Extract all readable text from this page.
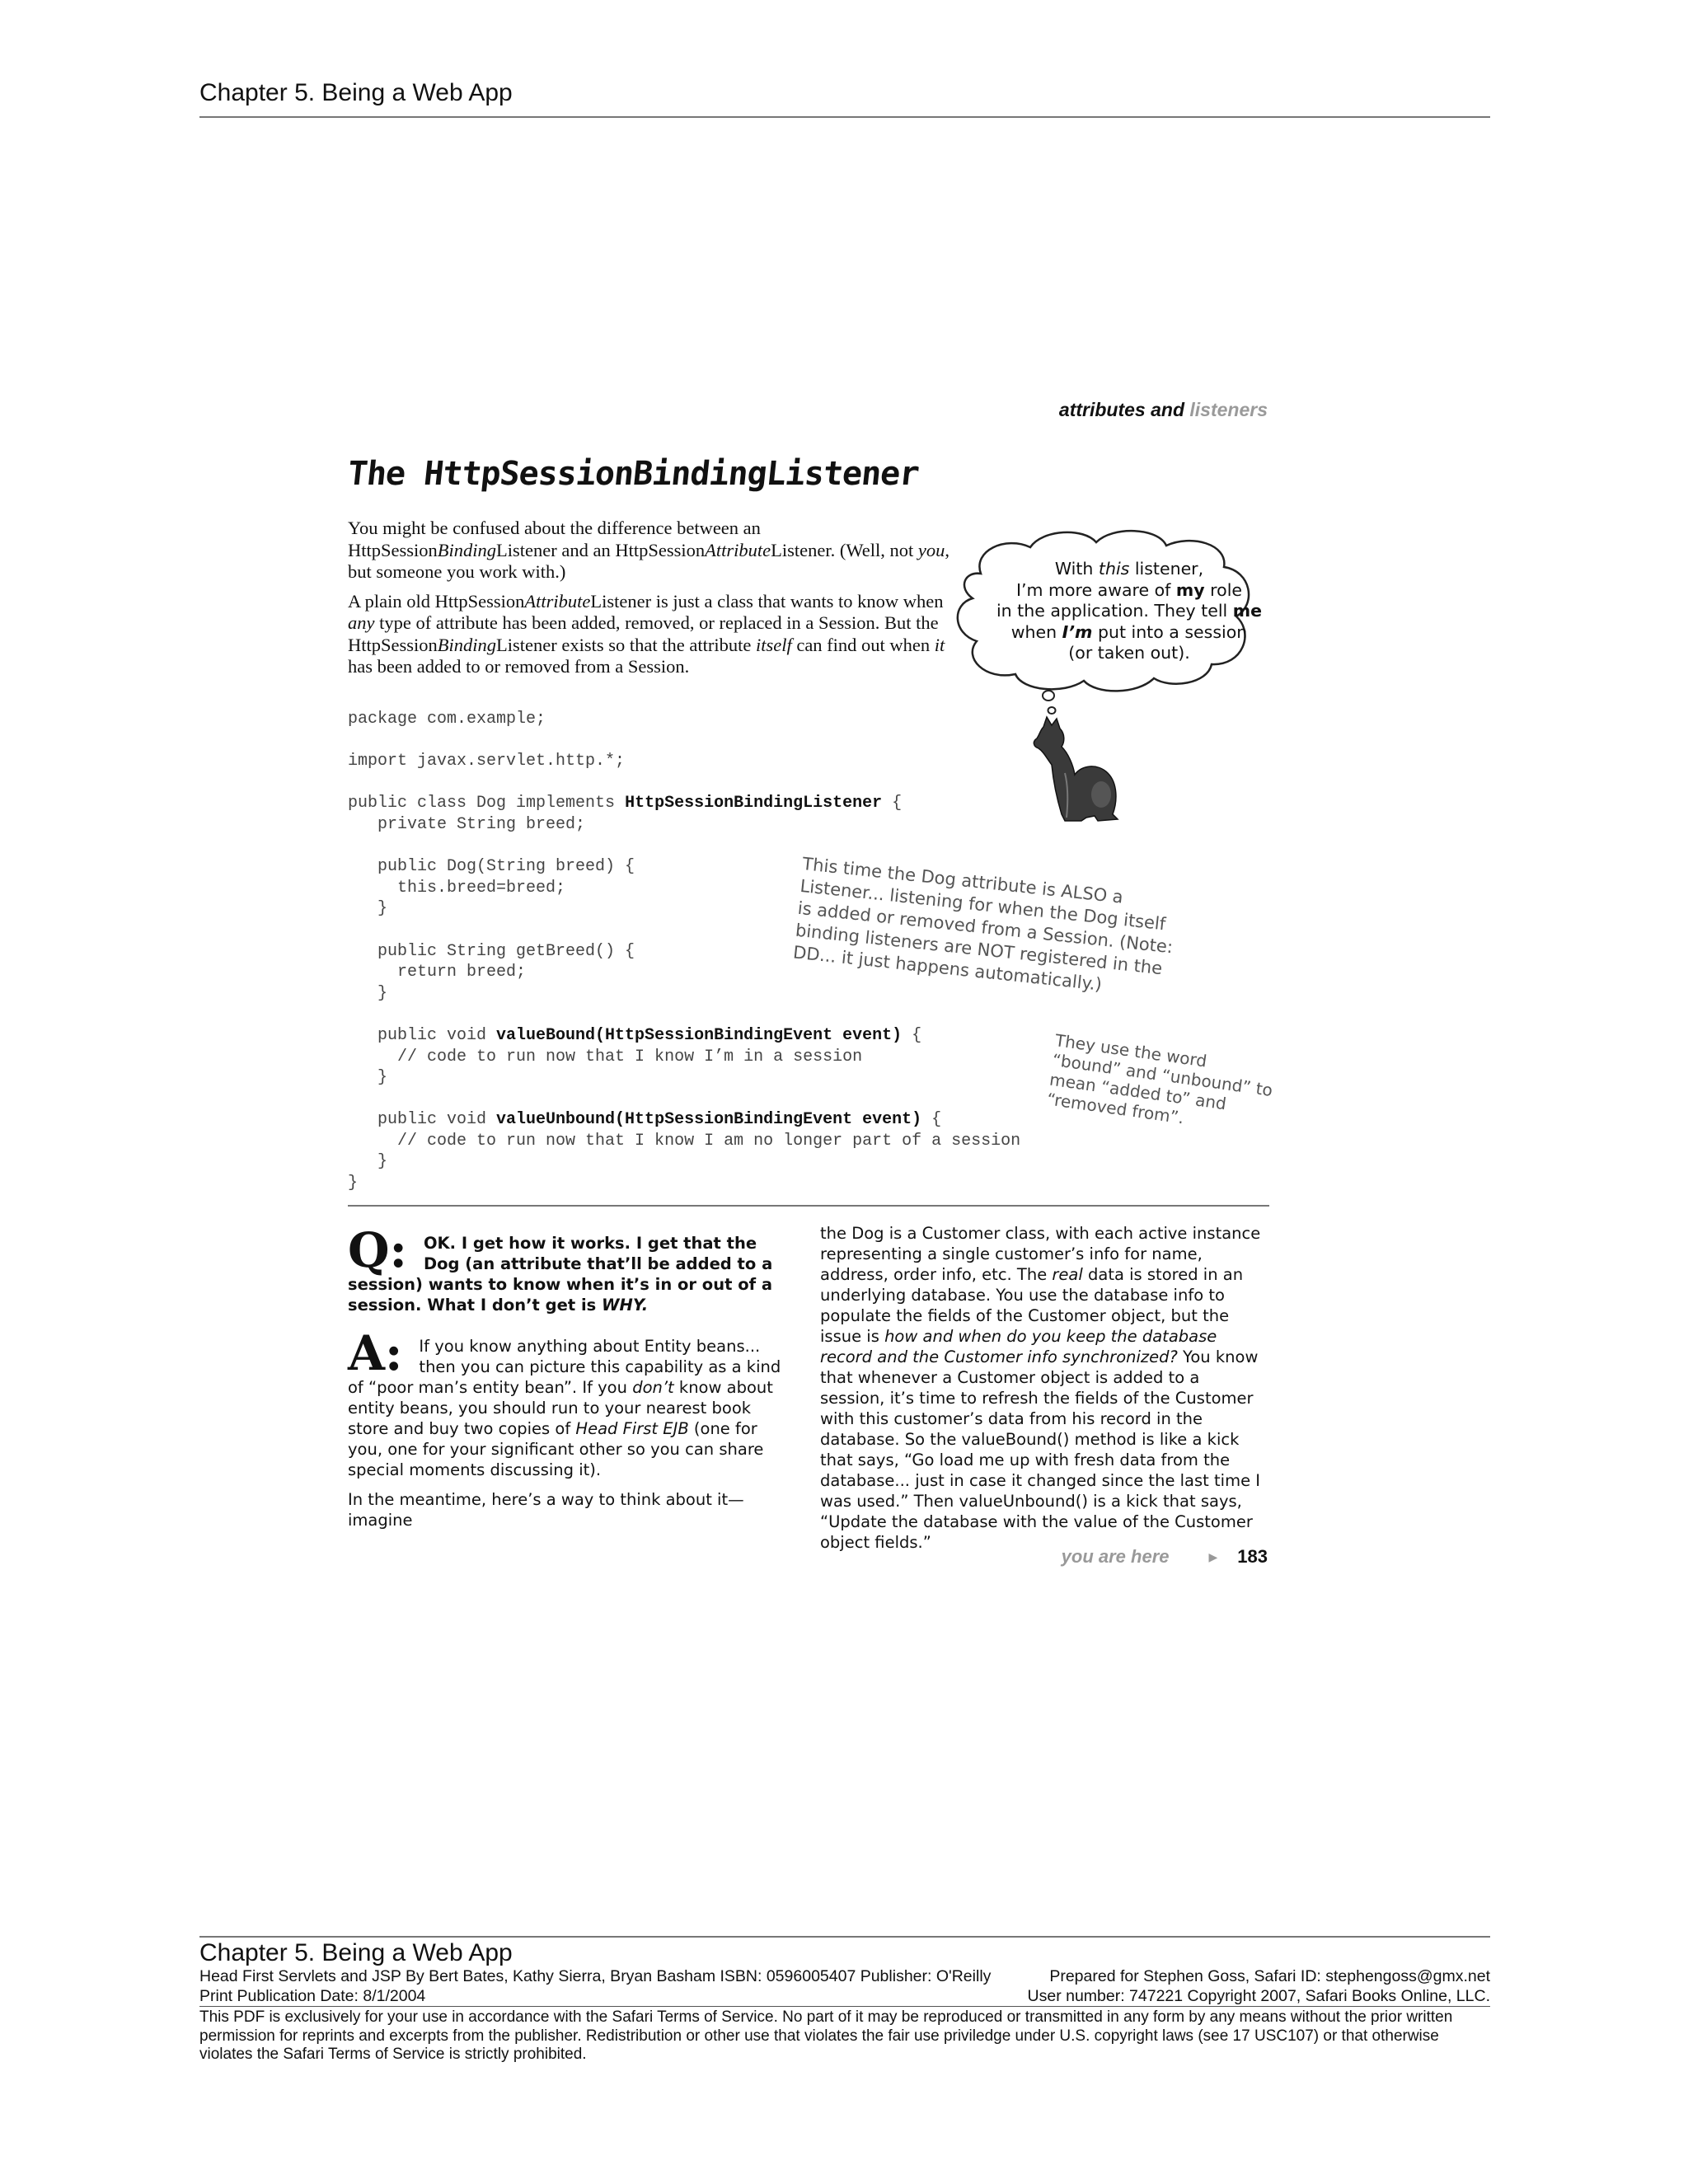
Chapter 5. Being a Web App
attributes and listeners
The HttpSessionBindingListener

You might be confused about the difference between an HttpSessionBindingListener and an HttpSessionAttributeListener. (Well, not you, but someone you work with.)

A plain old HttpSessionAttributeListener is just a class that wants to know when any type of attribute has been added, removed, or replaced in a Session. But the HttpSessionBindingListener exists so that the attribute itself can find out when it has been added to or removed from a Session.

With this listener,
I’m more aware of my role
in the application. They tell me
when I’m put into a session
(or taken out).
package com.example;

import javax.servlet.http.*;

public class Dog implements HttpSessionBindingListener {
private String breed;

public Dog(String breed) {
this.breed=breed;
}

public String getBreed() {
return breed;
}

public void valueBound(HttpSessionBindingEvent event) {
// code to run now that I know I’m in a session
}

public void valueUnbound(HttpSessionBindingEvent event) {
// code to run now that I know I am no longer part of a session
}
}
This time the Dog attribute is ALSO a
Listener... listening for when the Dog itself
is added or removed from a Session. (Note:
binding listeners are NOT registered in the
DD... it just happens automatically.)
They use the word
“bound” and “unbound” to
mean “added to” and
“removed from”.

Q: OK. I get how it works. I get that the Dog (an attribute that’ll be added to a session) wants to know when it’s in or out of a session. What I don’t get is WHY.

A: If you know anything about Entity beans... then you can picture this capability as a kind of “poor man’s entity bean”. If you don’t know about entity beans, you should run to your nearest book store and buy two copies of Head First EJB (one for you, one for your significant other so you can share special moments discussing it).

In the meantime, here’s a way to think about it—imagine

the Dog is a Customer class, with each active instance representing a single customer’s info for name, address, order info, etc. The real data is stored in an underlying database. You use the database info to populate the fields of the Customer object, but the issue is how and when do you keep the database record and the Customer info synchronized? You know that whenever a Customer object is added to a session, it’s time to refresh the fields of the Customer with this customer’s data from his record in the database. So the valueBound() method is like a kick that says, “Go load me up with fresh data from the database... just in case it changed since the last time I was used.” Then valueUnbound() is a kick that says, “Update the database with the value of the Customer object fields.”

you are here	▶ 183
Chapter 5. Being a Web App
Head First Servlets and JSP By Bert Bates, Kathy Sierra, Bryan Basham ISBN: 0596005407 Publisher: O'Reilly	Prepared for Stephen Goss, Safari ID: stephengoss@gmx.net
Print Publication Date: 8/1/2004	User number: 747221 Copyright 2007, Safari Books Online, LLC.
This PDF is exclusively for your use in accordance with the Safari Terms of Service. No part of it may be reproduced or transmitted in any form by any means without the prior written permission for reprints and excerpts from the publisher. Redistribution or other use that violates the fair use priviledge under U.S. copyright laws (see 17 USC107) or that otherwise violates the Safari Terms of Service is strictly prohibited.
